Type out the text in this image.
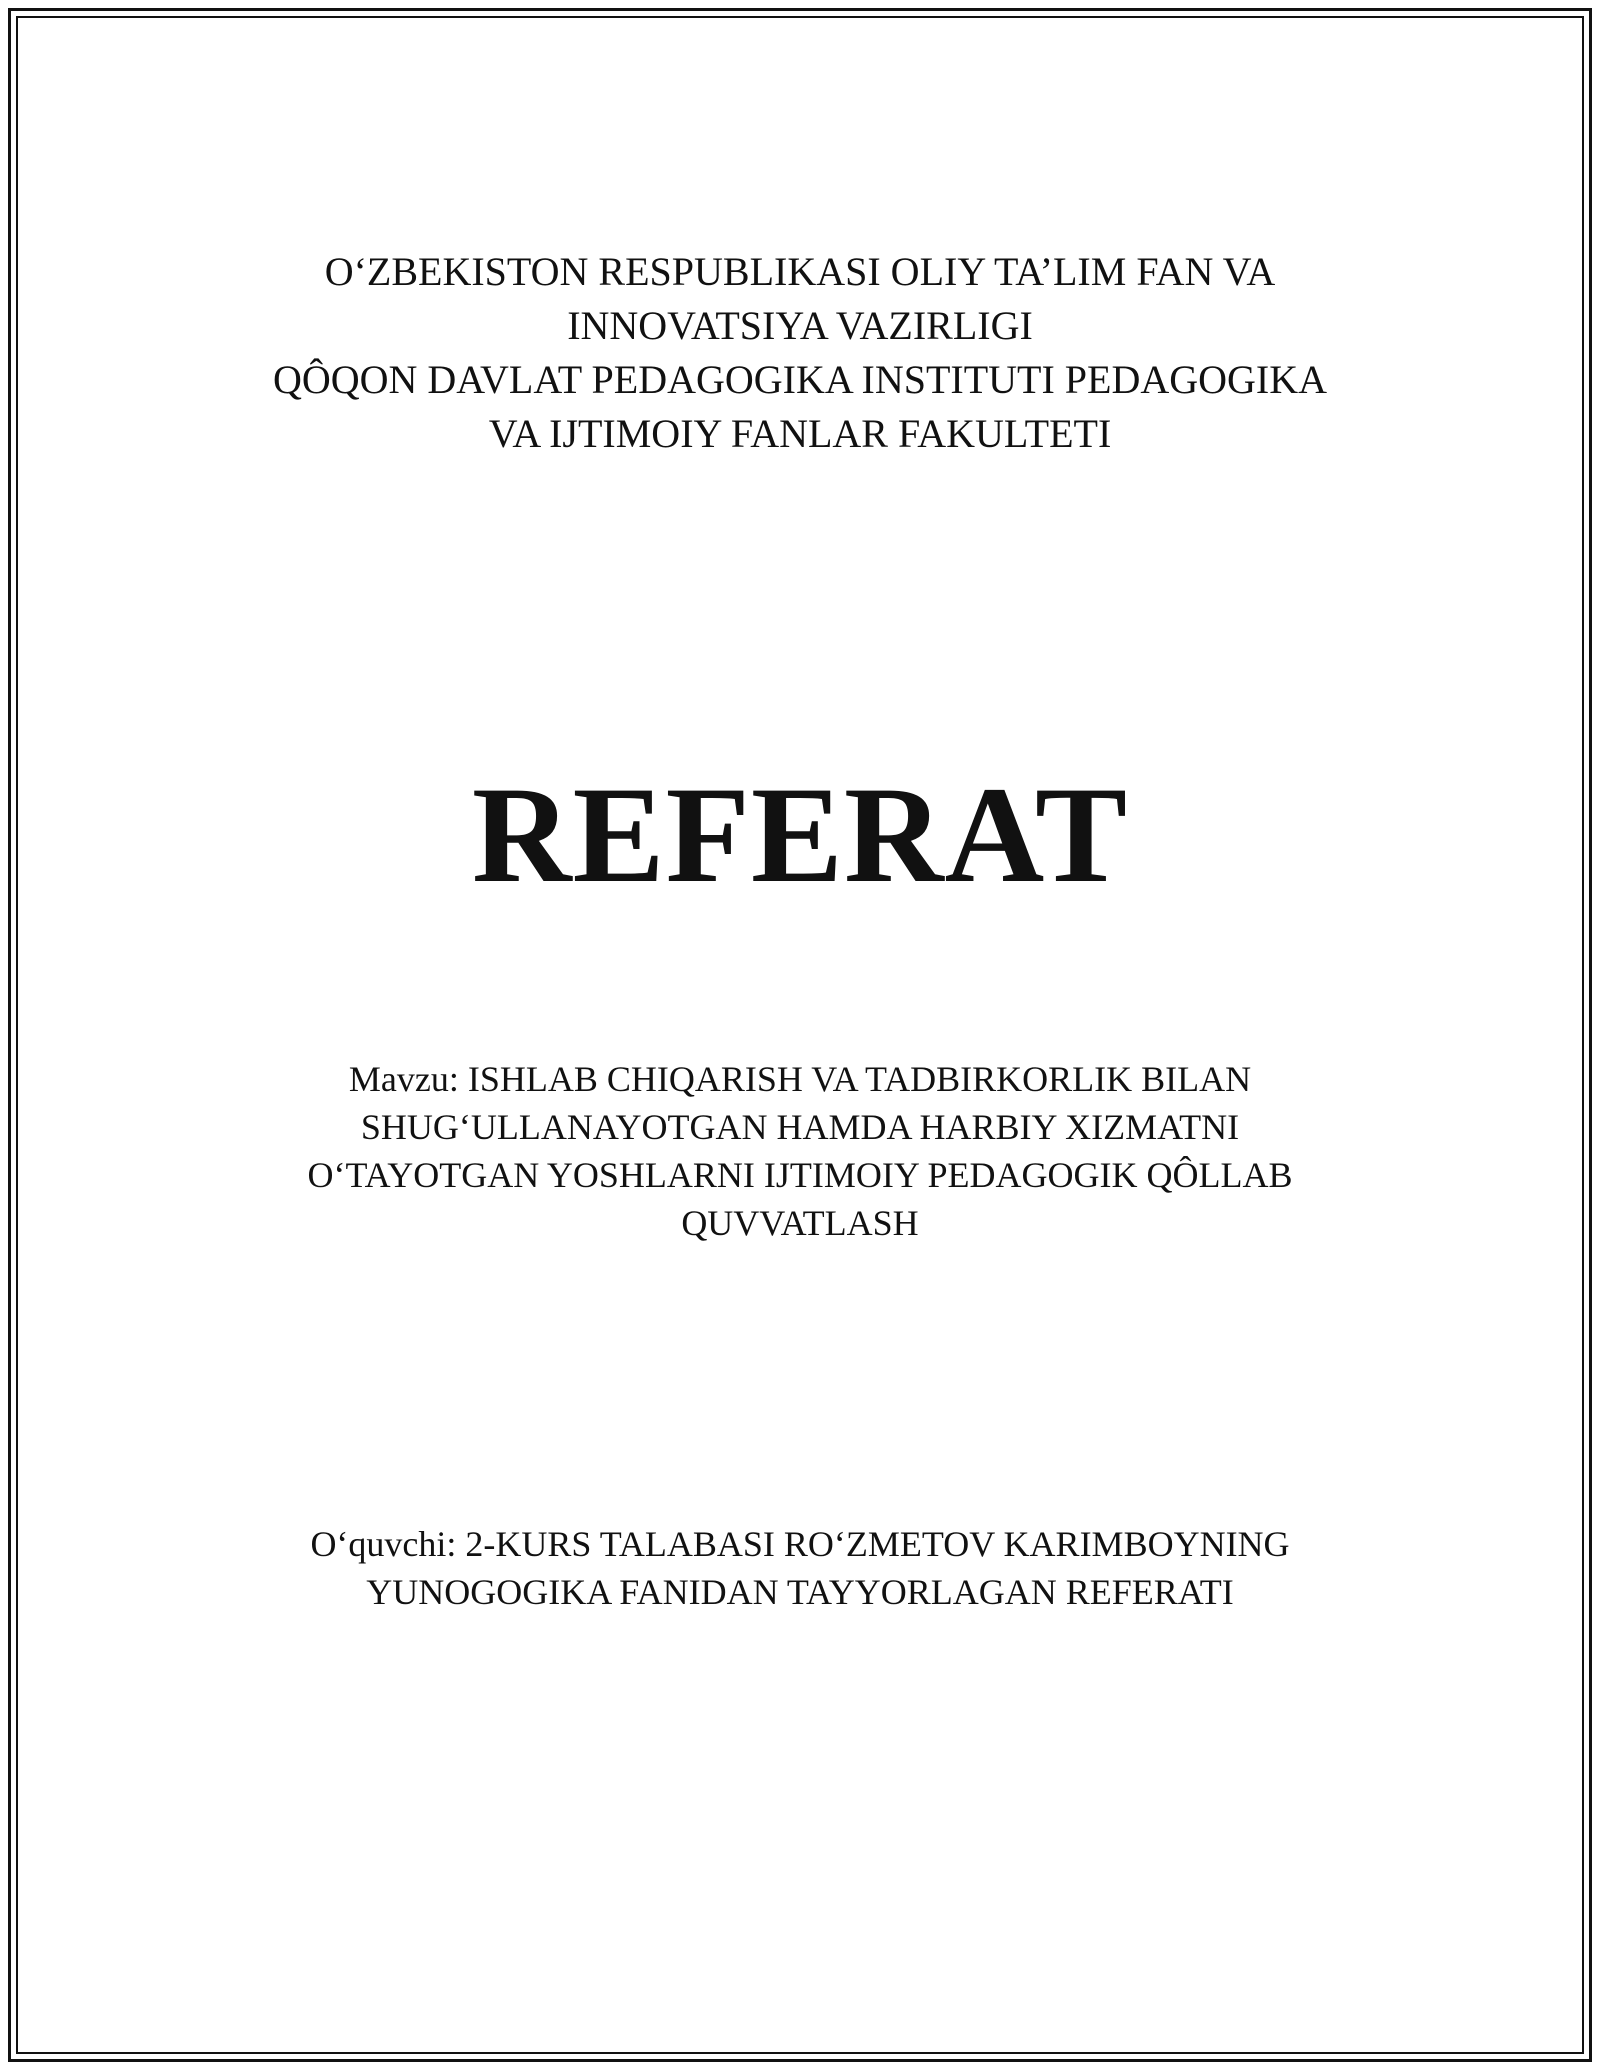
O‘ZBEKISTON RESPUBLIKASI OLIY TA’LIM FAN VA
INNOVATSIYA VAZIRLIGI
QÔQON DAVLAT PEDAGOGIKA INSTITUTI PEDAGOGIKA
VA IJTIMOIY FANLAR FAKULTETI
REFERAT
Mavzu: ISHLAB CHIQARISH VA TADBIRKORLIK BILAN
SHUG‘ULLANAYOTGAN HAMDA HARBIY XIZMATNI
O‘TAYOTGAN YOSHLARNI IJTIMOIY PEDAGOGIK QÔLLAB
QUVVATLASH
O‘quvchi: 2-KURS TALABASI RO‘ZMETOV KARIMBOYNING
YUNOGOGIKA FANIDAN TAYYORLAGAN REFERATI
